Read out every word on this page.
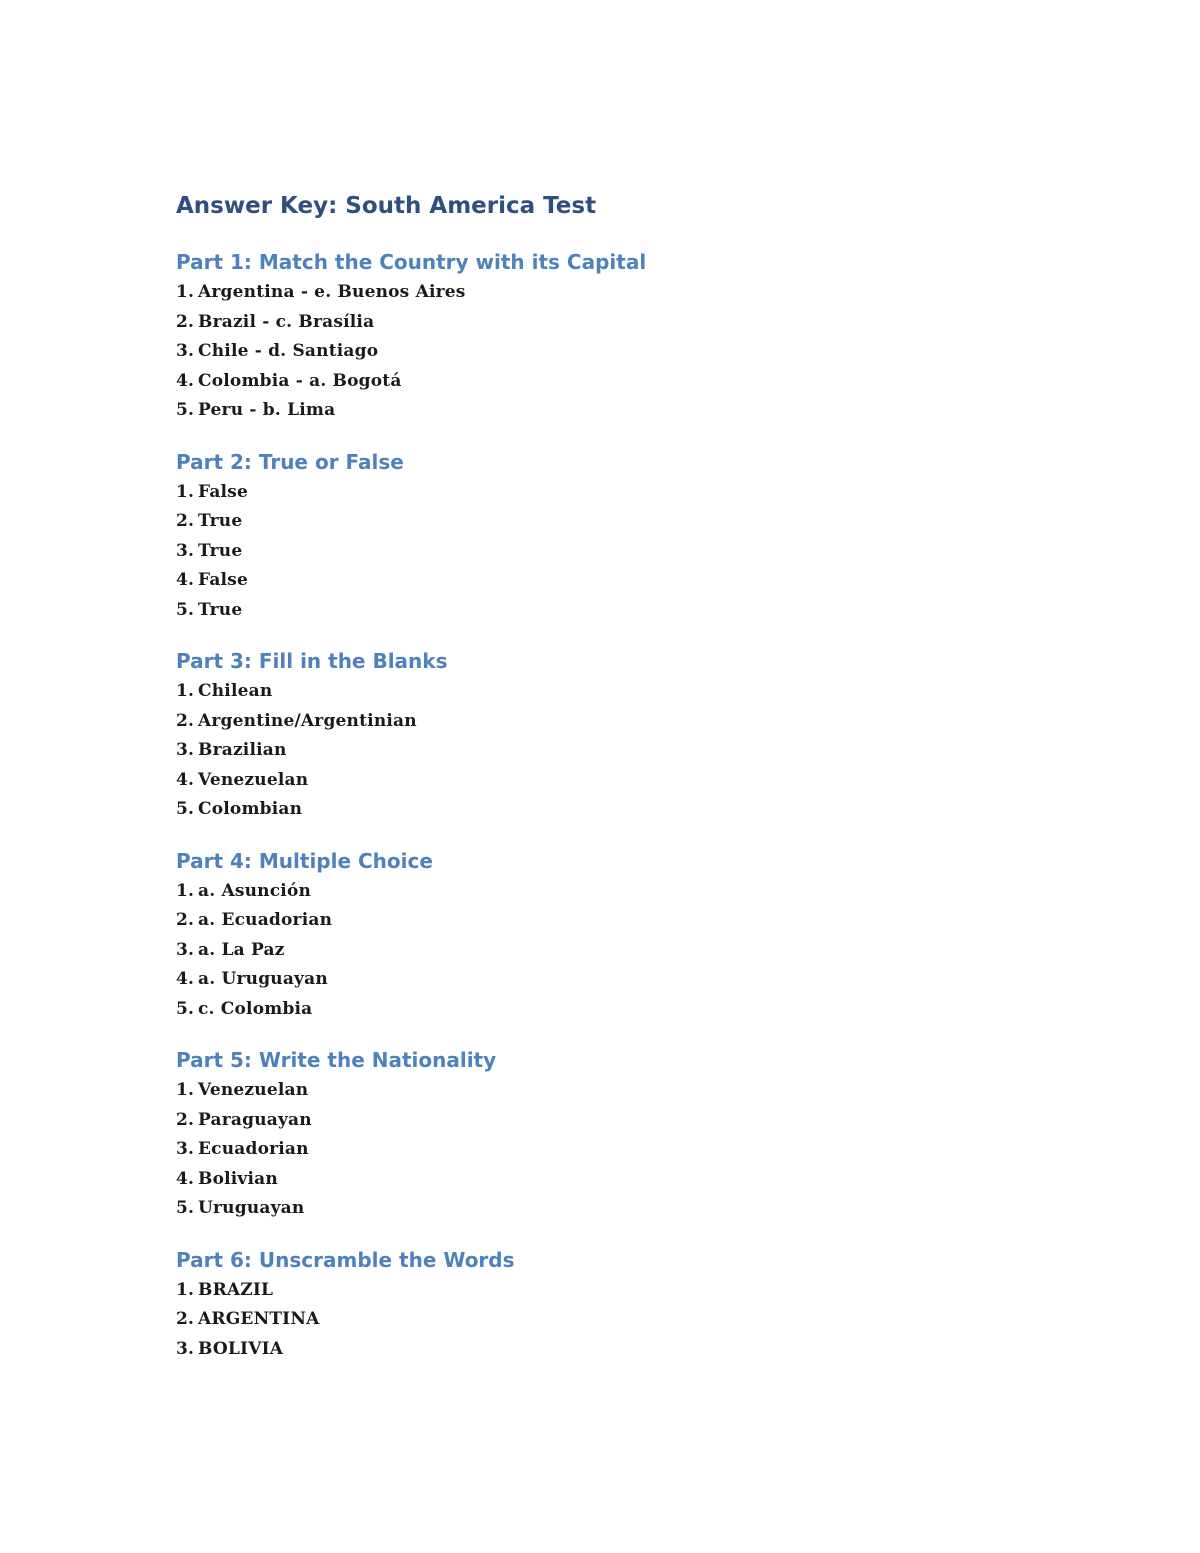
Answer Key: South America Test
Part 1: Match the Country with its Capital
1. Argentina - e. Buenos Aires
2. Brazil - c. Brasília
3. Chile - d. Santiago
4. Colombia - a. Bogotá
5. Peru - b. Lima
Part 2: True or False
1. False
2. True
3. True
4. False
5. True
Part 3: Fill in the Blanks
1. Chilean
2. Argentine/Argentinian
3. Brazilian
4. Venezuelan
5. Colombian
Part 4: Multiple Choice
1. a. Asunción
2. a. Ecuadorian
3. a. La Paz
4. a. Uruguayan
5. c. Colombia
Part 5: Write the Nationality
1. Venezuelan
2. Paraguayan
3. Ecuadorian
4. Bolivian
5. Uruguayan
Part 6: Unscramble the Words
1. BRAZIL
2. ARGENTINA
3. BOLIVIA
